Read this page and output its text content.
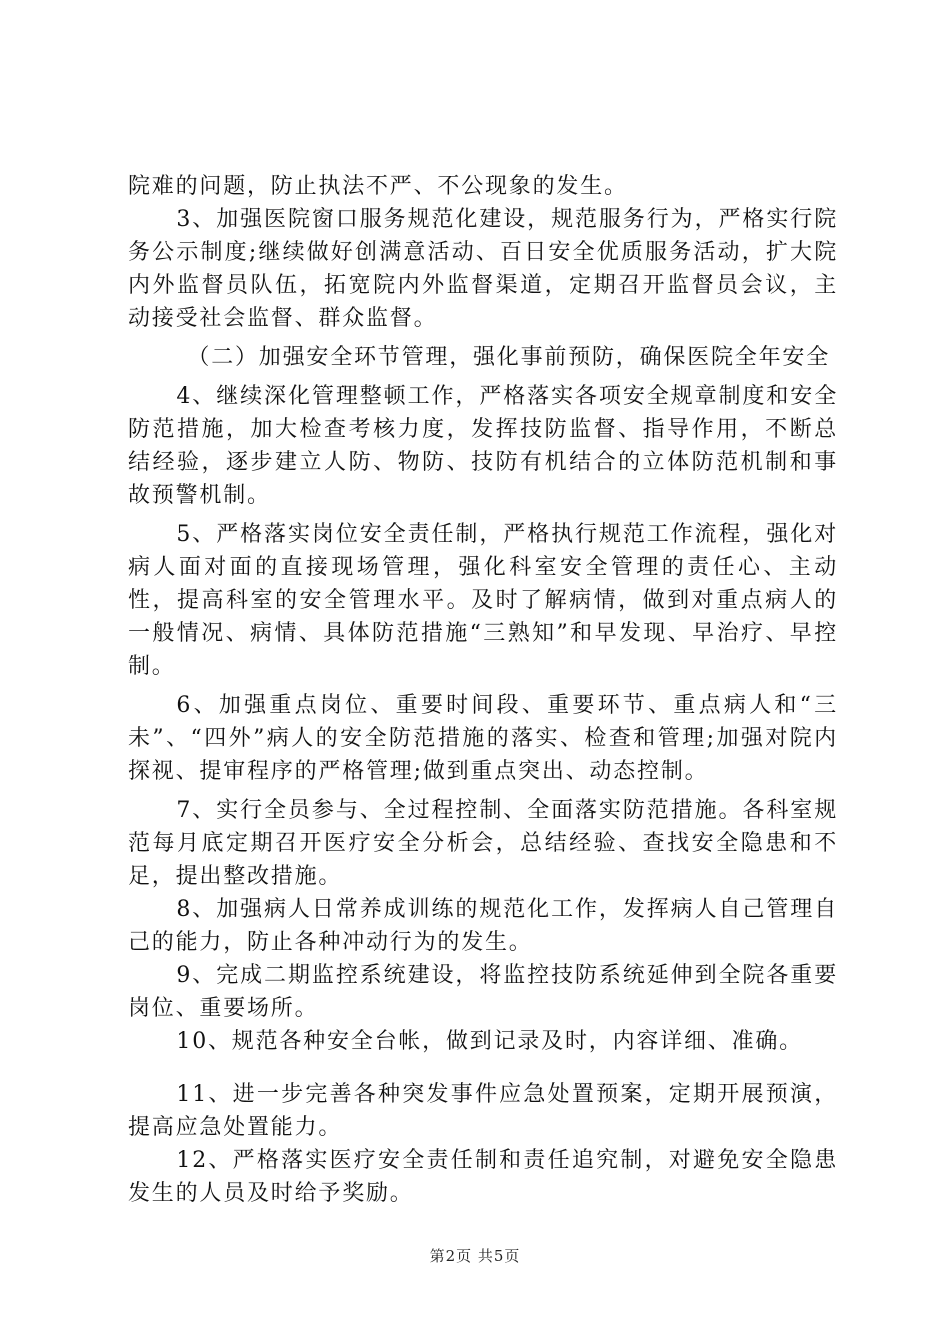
院难的问题，防止执法不严、不公现象的发生。

3、加强医院窗口服务规范化建设，规范服务行为，严格实行院务公示制度;继续做好创满意活动、百日安全优质服务活动，扩大院内外监督员队伍，拓宽院内外监督渠道，定期召开监督员会议，主动接受社会监督、群众监督。

（二）加强安全环节管理，强化事前预防，确保医院全年安全

4、继续深化管理整顿工作，严格落实各项安全规章制度和安全防范措施，加大检查考核力度，发挥技防监督、指导作用，不断总结经验，逐步建立人防、物防、技防有机结合的立体防范机制和事故预警机制。

5、严格落实岗位安全责任制，严格执行规范工作流程，强化对病人面对面的直接现场管理，强化科室安全管理的责任心、主动性，提高科室的安全管理水平。及时了解病情，做到对重点病人的一般情况、病情、具体防范措施“三熟知”和早发现、早治疗、早控制。

6、加强重点岗位、重要时间段、重要环节、重点病人和“三未”、“四外”病人的安全防范措施的落实、检查和管理;加强对院内探视、提审程序的严格管理;做到重点突出、动态控制。

7、实行全员参与、全过程控制、全面落实防范措施。各科室规范每月底定期召开医疗安全分析会，总结经验、查找安全隐患和不足，提出整改措施。

8、加强病人日常养成训练的规范化工作，发挥病人自己管理自己的能力，防止各种冲动行为的发生。

9、完成二期监控系统建设，将监控技防系统延伸到全院各重要岗位、重要场所。

10、规范各种安全台帐，做到记录及时，内容详细、准确。

11、进一步完善各种突发事件应急处置预案，定期开展预演，提高应急处置能力。

12、严格落实医疗安全责任制和责任追究制，对避免安全隐患发生的人员及时给予奖励。

第2页 共5页
